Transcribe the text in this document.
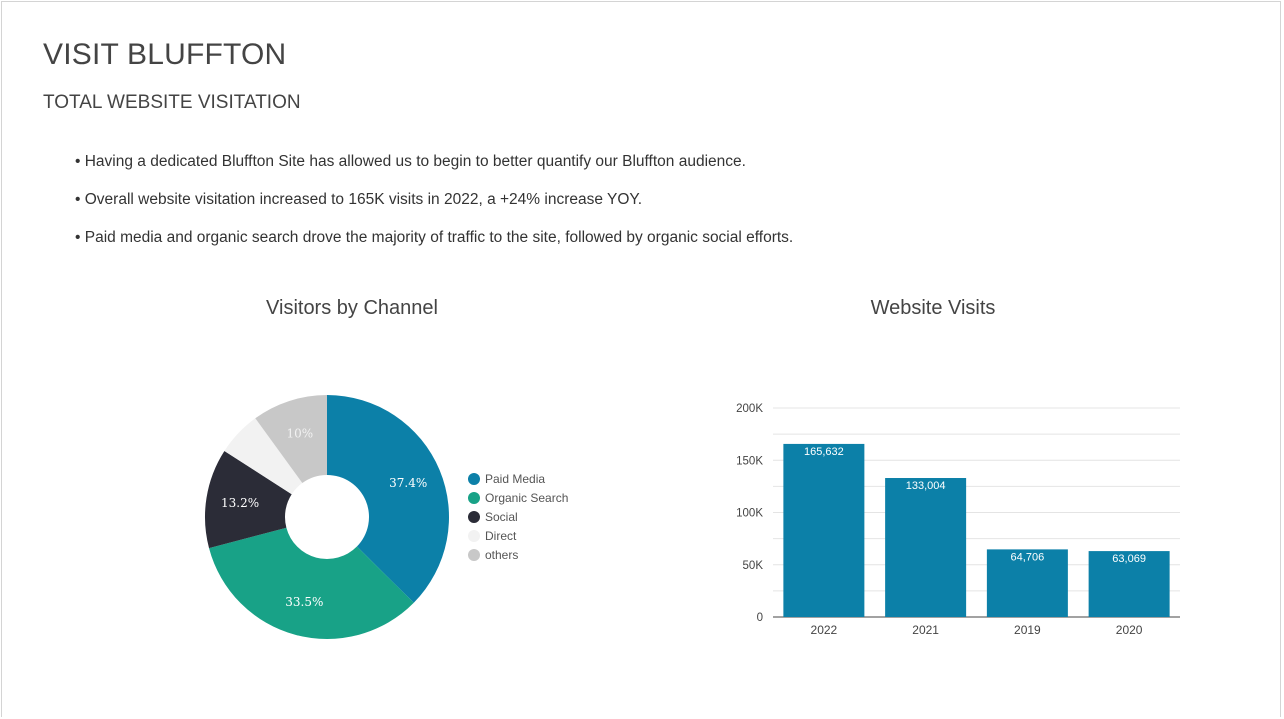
VISIT BLUFFTON
TOTAL WEBSITE VISITATION
• Having a dedicated Bluffton Site has allowed us to begin to better quantify our Bluffton audience.
• Overall website visitation increased to 165K visits in 2022, a +24% increase YOY.
• Paid media and organic search drove the majority of traffic to the site, followed by organic social efforts.
Visitors by Channel	Website Visits
37.4%
33.5%
13.2%
10%
0
50K
100K
150K
200K
165,632
2022
133,004
2021
64,706
2019
63,069
2020
Paid Media
Organic Search
Social
Direct
others
